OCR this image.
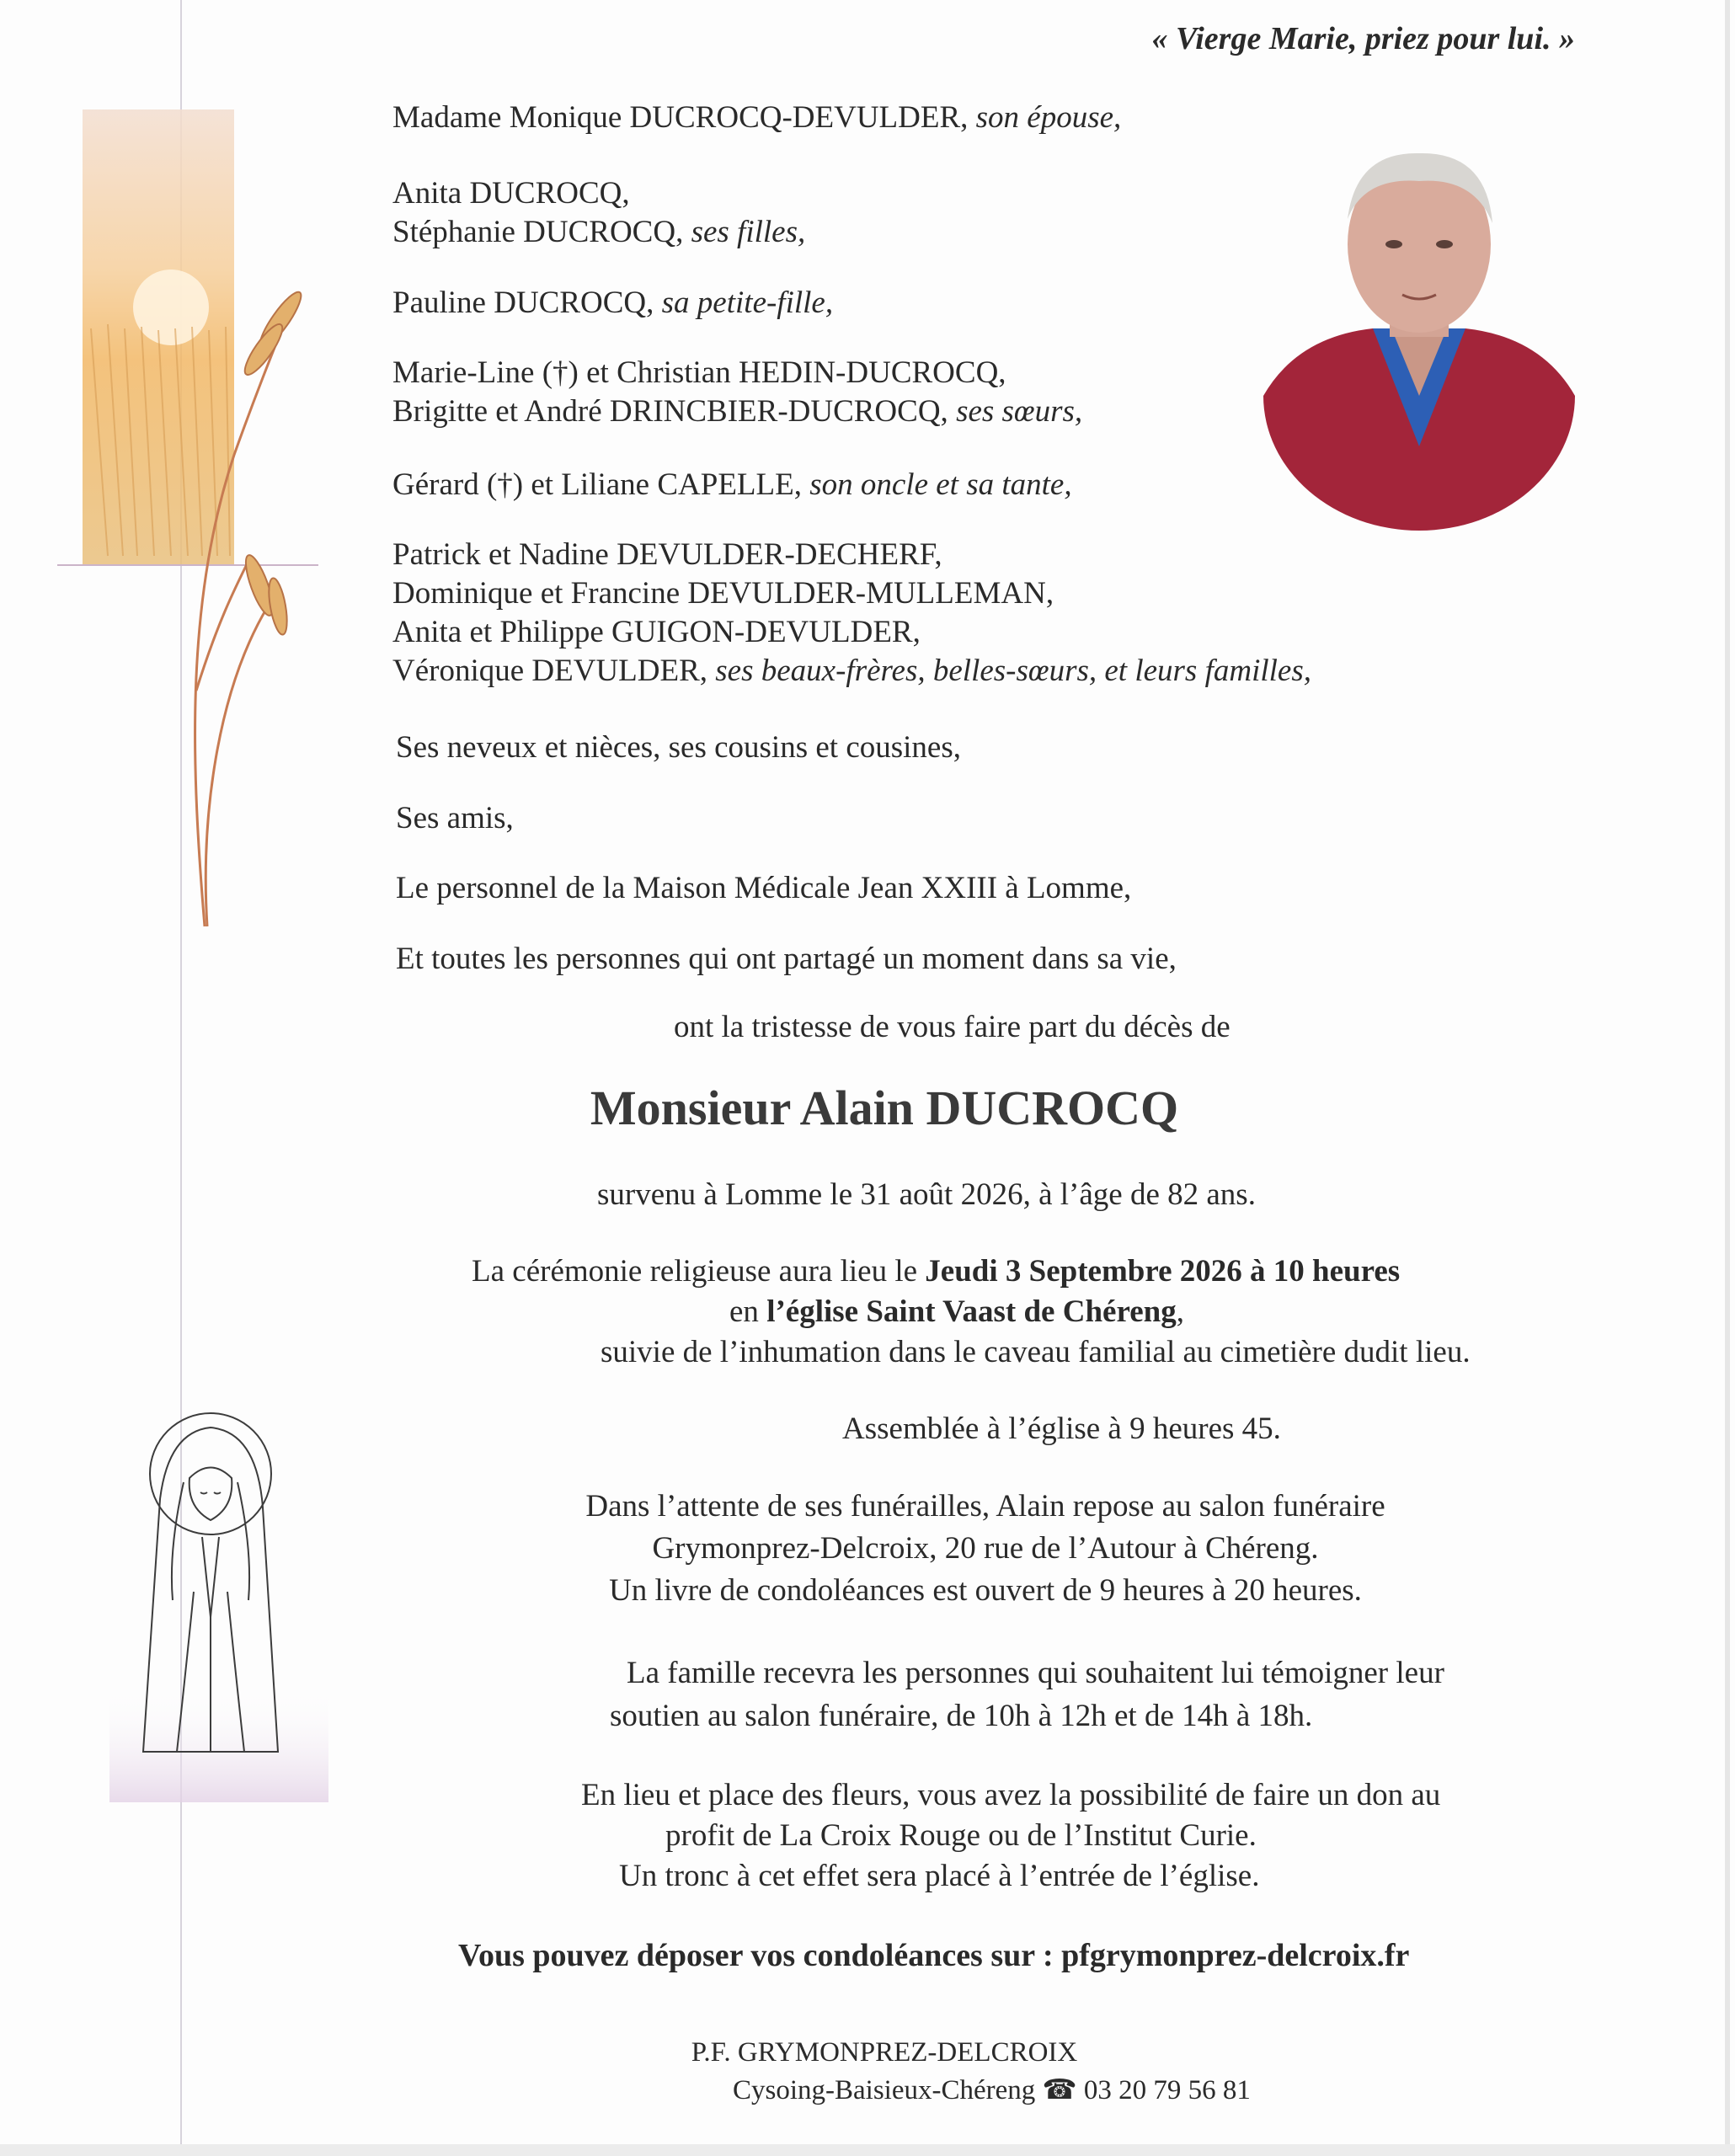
« Vierge Marie, priez pour lui. »
Madame Monique DUCROCQ-DEVULDER, son épouse,
Anita DUCROCQ,
Stéphanie DUCROCQ, ses filles,
Pauline DUCROCQ, sa petite-fille,
Marie-Line (†) et Christian HEDIN-DUCROCQ,
Brigitte et André DRINCBIER-DUCROCQ, ses sœurs,
Gérard (†) et Liliane CAPELLE, son oncle et sa tante,
Patrick et Nadine DEVULDER-DECHERF,
Dominique et Francine DEVULDER-MULLEMAN,
Anita et Philippe GUIGON-DEVULDER,
Véronique DEVULDER, ses beaux-frères, belles-sœurs, et leurs familles,
Ses neveux et nièces, ses cousins et cousines,
Ses amis,
Le personnel de la Maison Médicale Jean XXIII à Lomme,
Et toutes les personnes qui ont partagé un moment dans sa vie,
ont la tristesse de vous faire part du décès de
Monsieur Alain DUCROCQ
survenu à Lomme le 31 août 2026, à l’âge de 82 ans.
La cérémonie religieuse aura lieu le Jeudi 3 Septembre 2026 à 10 heures
en l’église Saint Vaast de Chéreng,
suivie de l’inhumation dans le caveau familial au cimetière dudit lieu.
Assemblée à l’église à 9 heures 45.
Dans l’attente de ses funérailles, Alain repose au salon funéraire
Grymonprez-Delcroix, 20 rue de l’Autour à Chéreng.
Un livre de condoléances est ouvert de 9 heures à 20 heures.
La famille recevra les personnes qui souhaitent lui témoigner leur
soutien au salon funéraire, de 10h à 12h et de 14h à 18h.
En lieu et place des fleurs, vous avez la possibilité de faire un don au
profit de La Croix Rouge ou de l’Institut Curie.
Un tronc à cet effet sera placé à l’entrée de l’église.
Vous pouvez déposer vos condoléances sur : pfgrymonprez-delcroix.fr
P.F. GRYMONPREZ-DELCROIX
Cysoing-Baisieux-Chéreng ☎ 03 20 79 56 81
